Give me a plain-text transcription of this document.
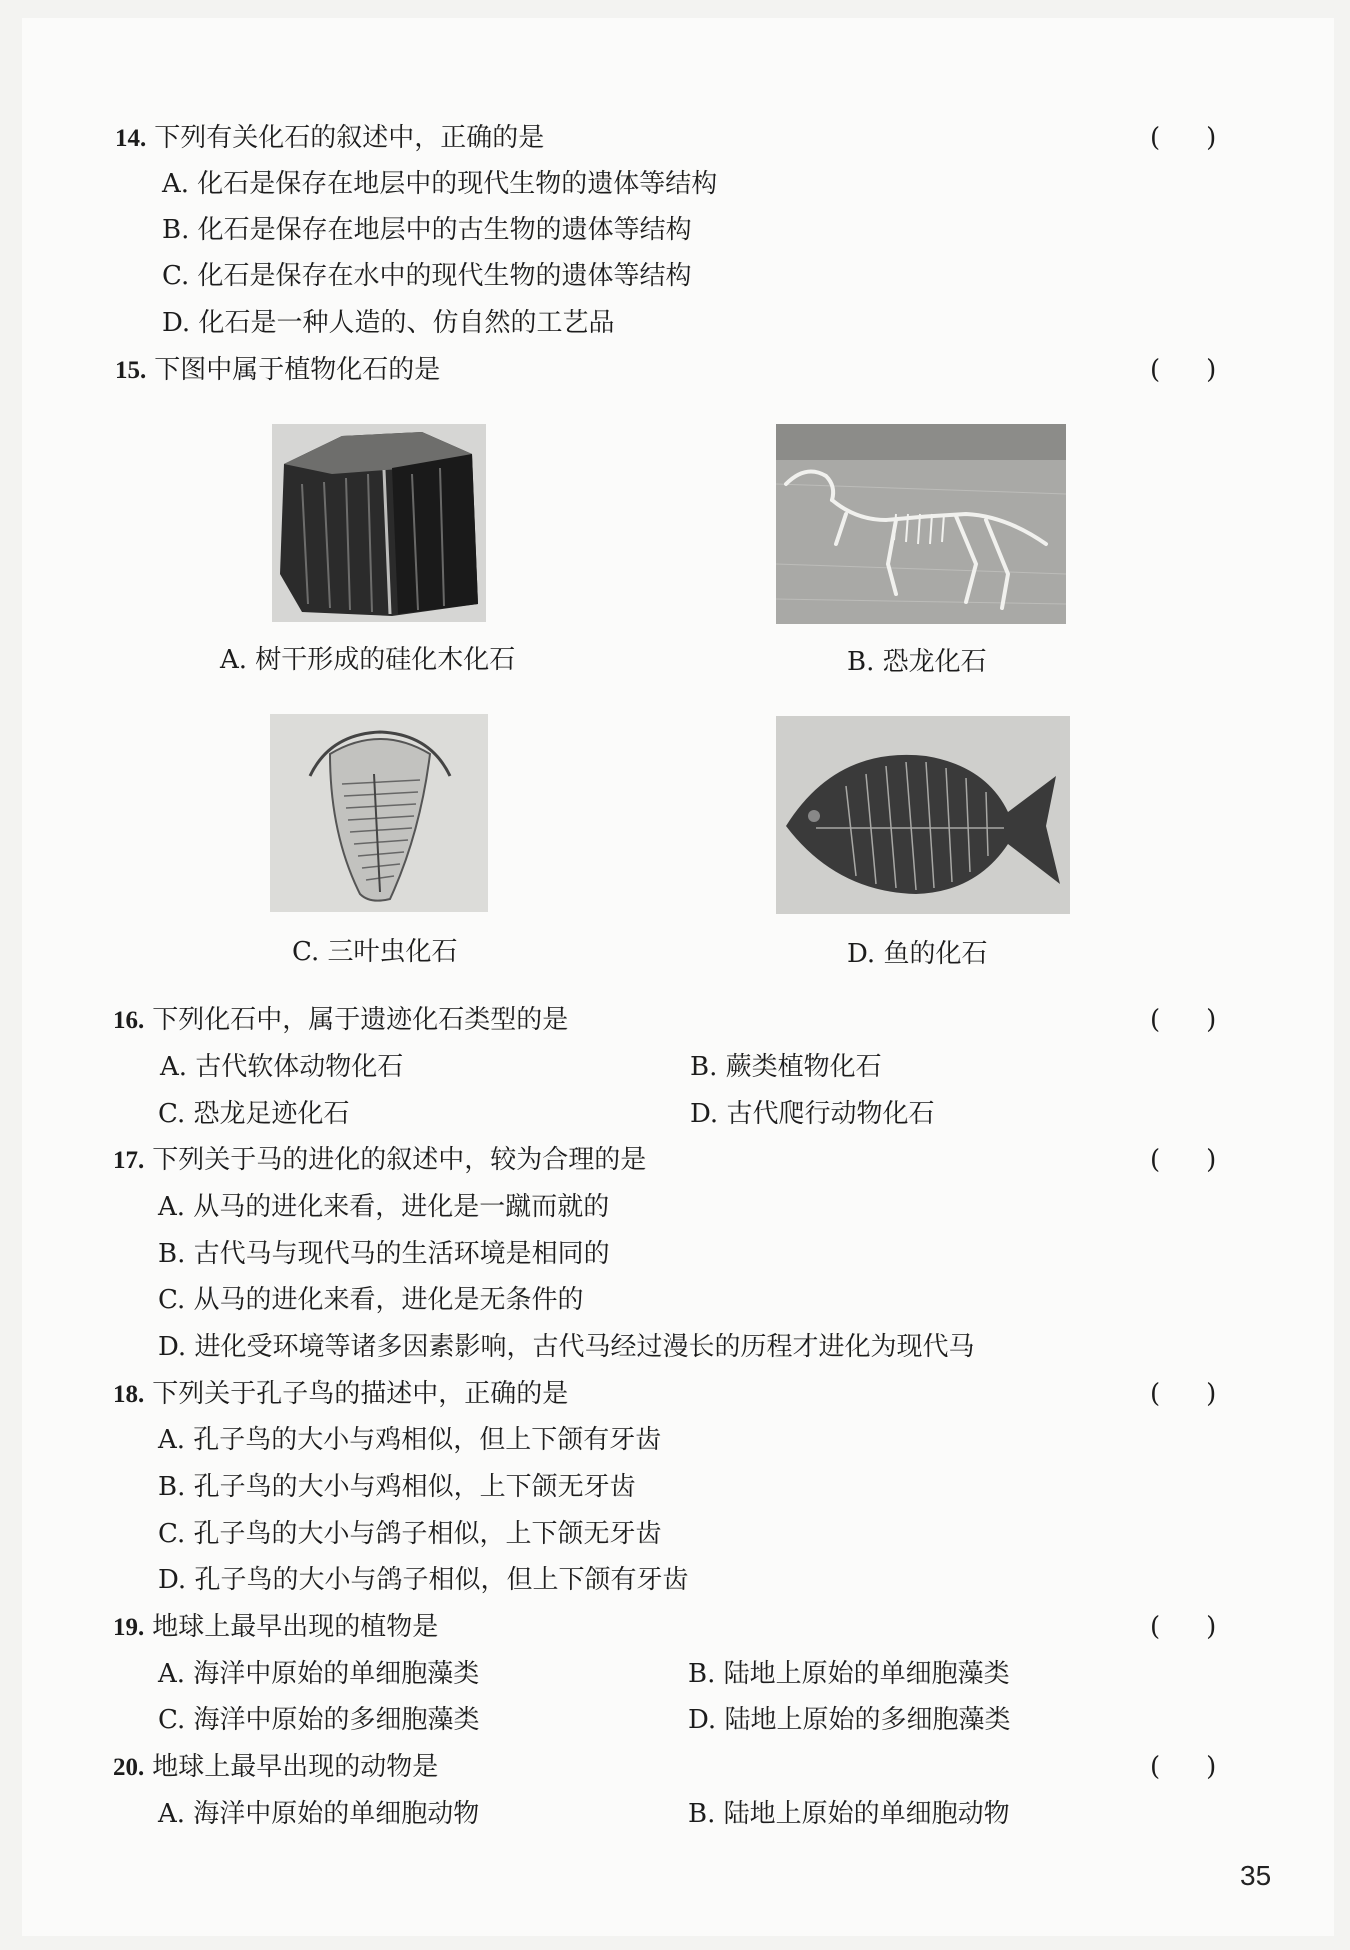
14. 下列有关化石的叙述中，正确的是	( )
A. 化石是保存在地层中的现代生物的遗体等结构
B. 化石是保存在地层中的古生物的遗体等结构
C. 化石是保存在水中的现代生物的遗体等结构
D. 化石是一种人造的、仿自然的工艺品
15. 下图中属于植物化石的是	( )
A. 树干形成的硅化木化石	B. 恐龙化石
C. 三叶虫化石	D. 鱼的化石
16. 下列化石中，属于遗迹化石类型的是	( )
A. 古代软体动物化石	B. 蕨类植物化石
C. 恐龙足迹化石	D. 古代爬行动物化石
17. 下列关于马的进化的叙述中，较为合理的是	( )
A. 从马的进化来看，进化是一蹴而就的
B. 古代马与现代马的生活环境是相同的
C. 从马的进化来看，进化是无条件的
D. 进化受环境等诸多因素影响，古代马经过漫长的历程才进化为现代马
18. 下列关于孔子鸟的描述中，正确的是	( )
A. 孔子鸟的大小与鸡相似，但上下颌有牙齿
B. 孔子鸟的大小与鸡相似，上下颌无牙齿
C. 孔子鸟的大小与鸽子相似，上下颌无牙齿
D. 孔子鸟的大小与鸽子相似，但上下颌有牙齿
19. 地球上最早出现的植物是	( )
A. 海洋中原始的单细胞藻类	B. 陆地上原始的单细胞藻类
C. 海洋中原始的多细胞藻类	D. 陆地上原始的多细胞藻类
20. 地球上最早出现的动物是	( )
A. 海洋中原始的单细胞动物	B. 陆地上原始的单细胞动物
35
